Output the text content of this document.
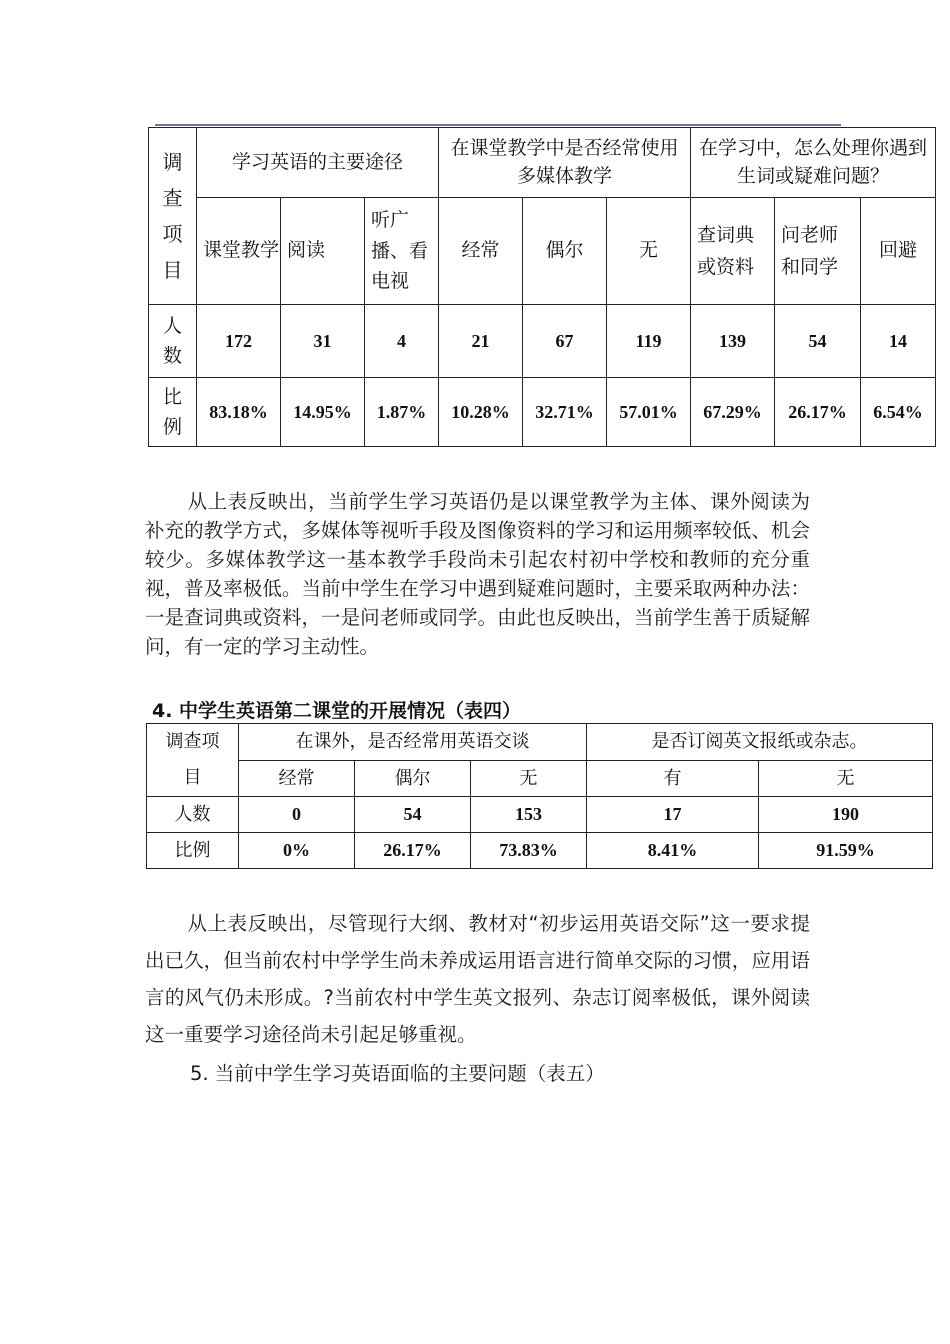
调查项目	学习英语的主要途径			在课堂教学中是否经常使用多媒体教学			在学习中，怎么处理你遇到生词或疑难问题？		
	课堂教学	阅读	听广播、看电视	经常	偶尔	无	查词典或资料	问老师和同学	回避
人数	172	31	4	21	67	119	139	54	14
比例	83.18%	14.95%	1.87%	10.28%	32.71%	57.01%	67.29%	26.17%	6.54%
从上表反映出，当前学生学习英语仍是以课堂教学为主体、课外阅读为补充的教学方式，多媒体等视听手段及图像资料的学习和运用频率较低、机会较少。多媒体教学这一基本教学手段尚未引起农村初中学校和教师的充分重视，普及率极低。当前中学生在学习中遇到疑难问题时，主要采取两种办法：一是查词典或资料，一是问老师或同学。由此也反映出，当前学生善于质疑解问，有一定的学习主动性。
4. 中学生英语第二课堂的开展情况（表四）
调查项目	在课外，是否经常用英语交谈			是否订阅英文报纸或杂志。	
	经常	偶尔	无	有	无
人数	0	54	153	17	190
比例	0%	26.17%	73.83%	8.41%	91.59%
从上表反映出，尽管现行大纲、教材对“初步运用英语交际”这一要求提出已久，但当前农村中学学生尚未养成运用语言进行简单交际的习惯，应用语言的风气仍未形成。?当前农村中学生英文报列、杂志订阅率极低，课外阅读这一重要学习途径尚未引起足够重视。
5. 当前中学生学习英语面临的主要问题（表五）
